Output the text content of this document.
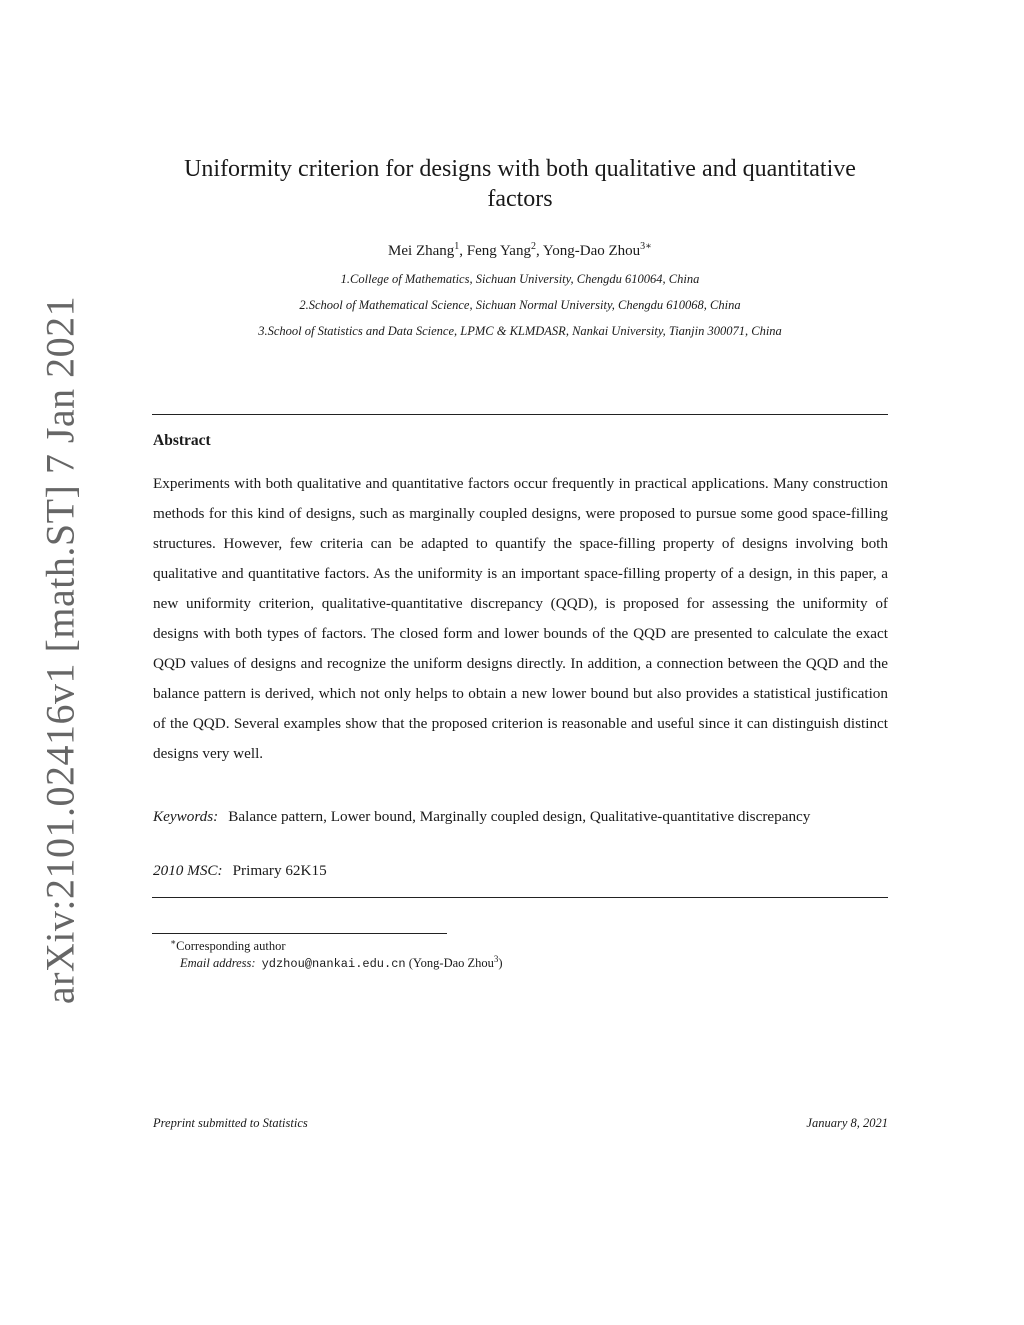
arXiv:2101.02416v1 [math.ST] 7 Jan 2021
Uniformity criterion for designs with both qualitative and quantitative
factors
Mei Zhang$^1$, Feng Yang$^2$, Yong-Dao Zhou$^{3∗}$
1.College of Mathematics, Sichuan University, Chengdu 610064, China
2.School of Mathematical Science, Sichuan Normal University, Chengdu 610068, China
3.School of Statistics and Data Science, LPMC & KLMDASR, Nankai University, Tianjin 300071, China
Abstract

Experiments with both qualitative and quantitative factors occur frequently in practical applications. Many construction methods for this kind of designs, such as marginally coupled designs, were proposed to pursue some good space-filling structures. However, few criteria can be adapted to quantify the space-filling property of designs involving both qualitative and quantitative factors. As the uniformity is an important space-filling property of a design, in this paper, a new uniformity criterion, qualitative-quantitative discrepancy (QQD), is proposed for assessing the uniformity of designs with both types of factors. The closed form and lower bounds of the QQD are presented to calculate the exact QQD values of designs and recognize the uniform designs directly. In addition, a connection between the QQD and the balance pattern is derived, which not only helps to obtain a new lower bound but also provides a statistical justification of the QQD. Several examples show that the proposed criterion is reasonable and useful since it can distinguish distinct designs very well.

Keywords: Balance pattern, Lower bound, Marginally coupled design, Qualitative-quantitative discrepancy

2010 MSC: Primary 62K15
∗Corresponding author
Email address: ydzhou@nankai.edu.cn (Yong-Dao Zhou$^3$)
Preprint submitted to Statistics	January 8, 2021
